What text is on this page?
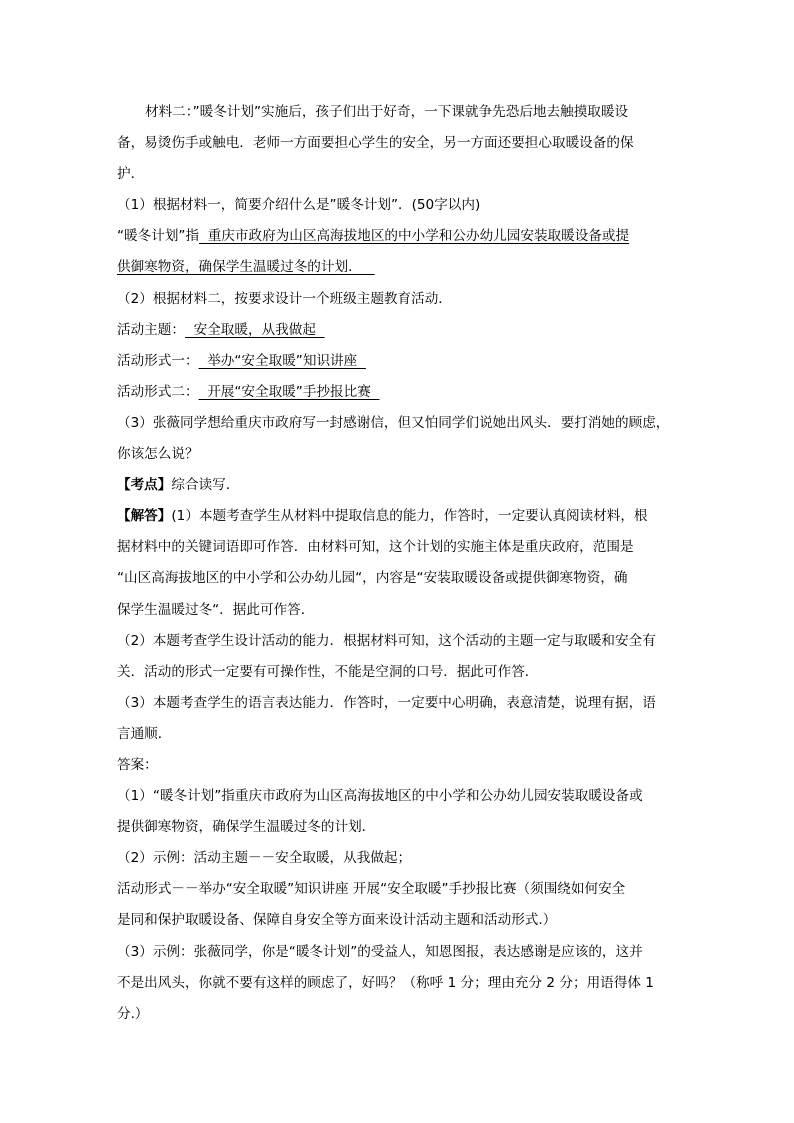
材料二：”暖冬计划”实施后，孩子们出于好奇，一下课就争先恐后地去触摸取暖设
备，易烫伤手或触电．老师一方面要担心学生的安全，另一方面还要担心取暖设备的保
护．
（1）根据材料一，简要介绍什么是”暖冬计划”．(50字以内)
“暖冬计划”指  重庆市政府为山区高海拔地区的中小学和公办幼儿园安装取暖设备或提
供御寒物资，确保学生温暖过冬的计划．
（2）根据材料二，按要求设计一个班级主题教育活动．
活动主题：  安全取暖，从我做起
活动形式一：  举办“安全取暖”知识讲座
活动形式二：  开展“安全取暖”手抄报比赛
（3）张薇同学想给重庆市政府写一封感谢信，但又怕同学们说她出风头．要打消她的顾虑，
你该怎么说？
【考点】综合读写．
【解答】(1）本题考查学生从材料中提取信息的能力，作答时，一定要认真阅读材料，根
据材料中的关键词语即可作答．由材料可知，这个计划的实施主体是重庆政府，范围是
“山区高海拔地区的中小学和公办幼儿园“，内容是“安装取暖设备或提供御寒物资，确
保学生温暖过冬“．据此可作答．
（2）本题考查学生设计活动的能力．根据材料可知，这个活动的主题一定与取暖和安全有
关．活动的形式一定要有可操作性，不能是空洞的口号．据此可作答．
（3）本题考查学生的语言表达能力．作答时，一定要中心明确，表意清楚，说理有据，语
言通顺．
答案：
（1）“暖冬计划”指重庆市政府为山区高海拔地区的中小学和公办幼儿园安装取暖设备或
提供御寒物资，确保学生温暖过冬的计划．
（2）示例：活动主题－－安全取暖，从我做起；
活动形式－－举办“安全取暖”知识讲座 开展“安全取暖”手抄报比赛（须围绕如何安全
是同和保护取暖设备、保障自身安全等方面来设计活动主题和活动形式.）
（3）示例：张薇同学，你是“暖冬计划”的受益人，知恩图报，表达感谢是应该的，这并
不是出风头，你就不要有这样的顾虑了，好吗？（称呼 1 分；理由充分 2 分；用语得体 1
分.）
